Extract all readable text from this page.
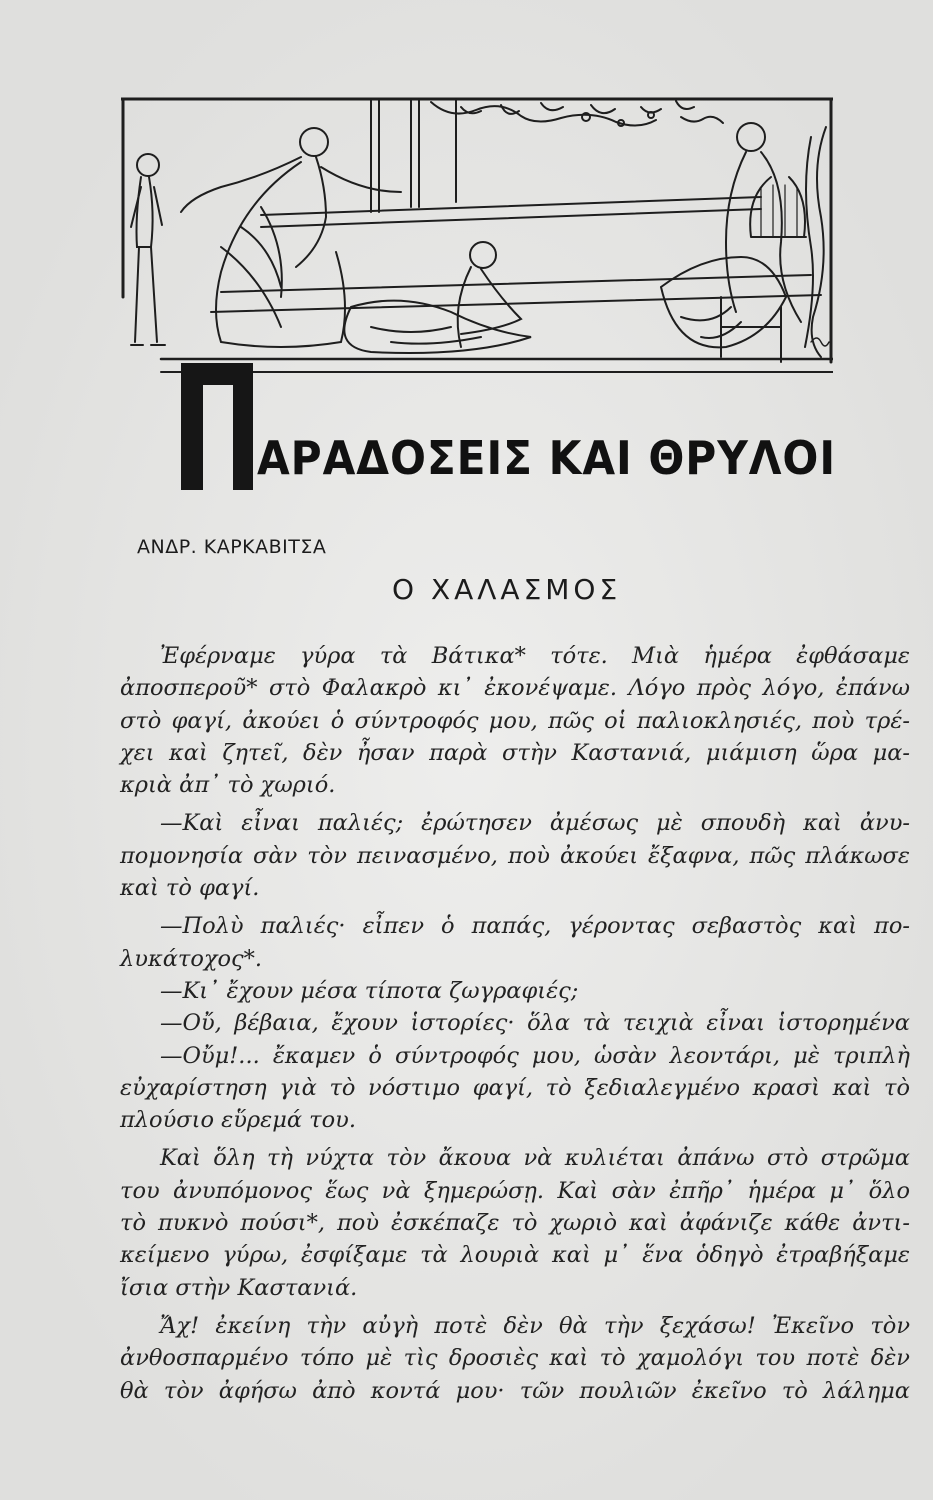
ΑΡΑΔΟΣΕΙΣ ΚΑΙ ΘΡΥΛΟΙ
ΑΝΔΡ. ΚΑΡΚΑΒΙΤΣΑ
Ο ΧΑΛΑΣΜΟΣ
Ἐφέρναμε γύρα τὰ Βάτικα* τότε. Μιὰ ἡμέρα ἐφθάσαμε
ἀποσπεροῦ* στὸ Φαλακρὸ κι᾽ ἐκονέψαμε. Λόγο πρὸς λόγο, ἐπάνω
στὸ φαγί, ἀκούει ὁ σύντροφός μου, πῶς οἱ παλιοκλησιές, ποὺ τρέ-
χει καὶ ζητεῖ, δὲν ἦσαν παρὰ στὴν Καστανιά, μιάμιση ὥρα μα-
κριὰ ἀπ᾽ τὸ χωριό.
—Καὶ εἶναι παλιές; ἐρώτησεν ἀμέσως μὲ σπουδὴ καὶ ἀνυ-
πομονησία σὰν τὸν πεινασμένο, ποὺ ἀκούει ἔξαφνα, πῶς πλάκωσε
καὶ τὸ φαγί.
—Πολὺ παλιές· εἶπεν ὁ παπάς, γέροντας σεβαστὸς καὶ πο-
λυκάτοχος*.
—Κι᾽ ἔχουν μέσα τίποτα ζωγραφιές;
—Οὔ, βέβαια, ἔχουν ἱστορίες· ὅλα τὰ τειχιὰ εἶναι ἱστορημένα
—Οὔμ!... ἔκαμεν ὁ σύντροφός μου, ὡσὰν λεοντάρι, μὲ τριπλὴ
εὐχαρίστηση γιὰ τὸ νόστιμο φαγί, τὸ ξεδιαλεγμένο κρασὶ καὶ τὸ
πλούσιο εὕρεμά του.
Καὶ ὅλη τὴ νύχτα τὸν ἄκουα νὰ κυλιέται ἀπάνω στὸ στρῶμα
του ἀνυπόμονος ἕως νὰ ξημερώσῃ. Καὶ σὰν ἐπῆρ᾽ ἡμέρα μ᾽ ὅλο
τὸ πυκνὸ πούσι*, ποὺ ἐσκέπαζε τὸ χωριὸ καὶ ἀφάνιζε κάθε ἀντι-
κείμενο γύρω, ἐσφίξαμε τὰ λουριὰ καὶ μ᾽ ἕνα ὁδηγὸ ἐτραβήξαμε
ἴσια στὴν Καστανιά.
Ἄχ! ἐκείνη τὴν αὐγὴ ποτὲ δὲν θὰ τὴν ξεχάσω! Ἐκεῖνο τὸν
ἀνθοσπαρμένο τόπο μὲ τὶς δροσιὲς καὶ τὸ χαμολόγι του ποτὲ δὲν
θὰ τὸν ἀφήσω ἀπὸ κοντά μου· τῶν πουλιῶν ἐκεῖνο τὸ λάλημα
